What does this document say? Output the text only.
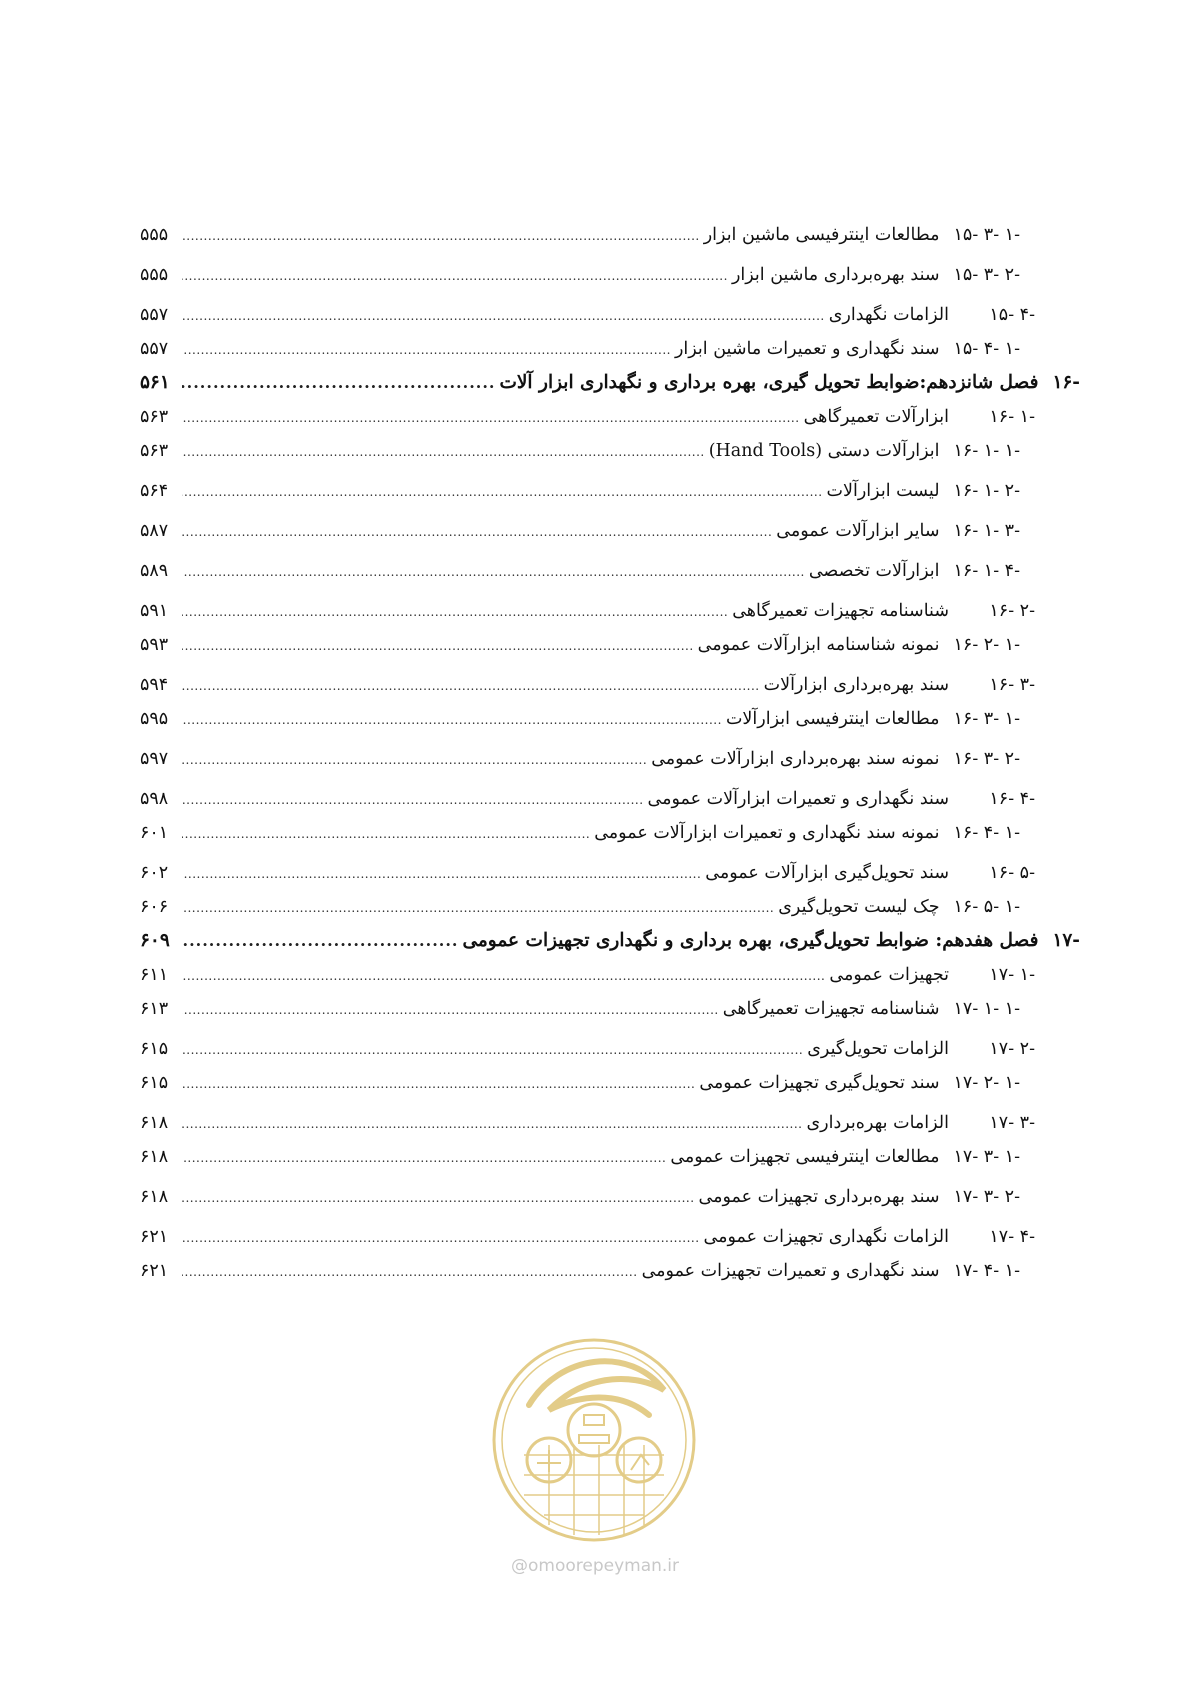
۱۵- ۳- ۱-
مطالعات اینترفیسی ماشین ابزار
.....
۵۵۵
۱۵- ۳- ۲-
سند بهره‌برداری ماشین ابزار
.....
۵۵۵
۱۵- ۴-
الزامات نگهداری
.....
۵۵۷
۱۵- ۴- ۱-
سند نگهداری و تعمیرات ماشین ابزار
.....
۵۵۷
۱۶-
فصل شانزدهم:ضوابط تحویل گیری، بهره برداری و نگهداری ابزار آلات
.....
۵۶۱
۱۶- ۱-
ابزارآلات تعمیرگاهی
.....
۵۶۳
۱۶- ۱- ۱-
ابزارآلات دستی (Hand Tools)
.....
۵۶۳
۱۶- ۱- ۲-
لیست ابزارآلات
.....
۵۶۴
۱۶- ۱- ۳-
سایر ابزارآلات عمومی
.....
۵۸۷
۱۶- ۱- ۴-
ابزارآلات تخصصی
.....
۵۸۹
۱۶- ۲-
شناسنامه تجهیزات تعمیرگاهی
.....
۵۹۱
۱۶- ۲- ۱-
نمونه شناسنامه ابزارآلات عمومی
.....
۵۹۳
۱۶- ۳-
سند بهره‌برداری ابزارآلات
.....
۵۹۴
۱۶- ۳- ۱-
مطالعات اینترفیسی ابزارآلات
.....
۵۹۵
۱۶- ۳- ۲-
نمونه سند بهره‌برداری ابزارآلات عمومی
.....
۵۹۷
۱۶- ۴-
سند نگهداری و تعمیرات ابزارآلات عمومی
.....
۵۹۸
۱۶- ۴- ۱-
نمونه سند نگهداری و تعمیرات ابزارآلات عمومی
.....
۶۰۱
۱۶- ۵-
سند تحویل‌گیری ابزارآلات عمومی
.....
۶۰۲
۱۶- ۵- ۱-
چک لیست تحویل‌گیری
.....
۶۰۶
۱۷-
فصل هفدهم: ضوابط تحویل‌گیری، بهره برداری و نگهداری تجهیزات عمومی
.....
۶۰۹
۱۷- ۱-
تجهیزات عمومی
.....
۶۱۱
۱۷- ۱- ۱-
شناسنامه تجهیزات تعمیرگاهی
.....
۶۱۳
۱۷- ۲-
الزامات تحویل‌گیری
.....
۶۱۵
۱۷- ۲- ۱-
سند تحویل‌گیری تجهیزات عمومی
.....
۶۱۵
۱۷- ۳-
الزامات بهره‌برداری
.....
۶۱۸
۱۷- ۳- ۱-
مطالعات اینترفیسی تجهیزات عمومی
.....
۶۱۸
۱۷- ۳- ۲-
سند بهره‌برداری تجهیزات عمومی
.....
۶۱۸
۱۷- ۴-
الزامات نگهداری تجهیزات عمومی
.....
۶۲۱
۱۷- ۴- ۱-
سند نگهداری و تعمیرات تجهیزات عمومی
.....
۶۲۱
@omoorepeyman.ir
